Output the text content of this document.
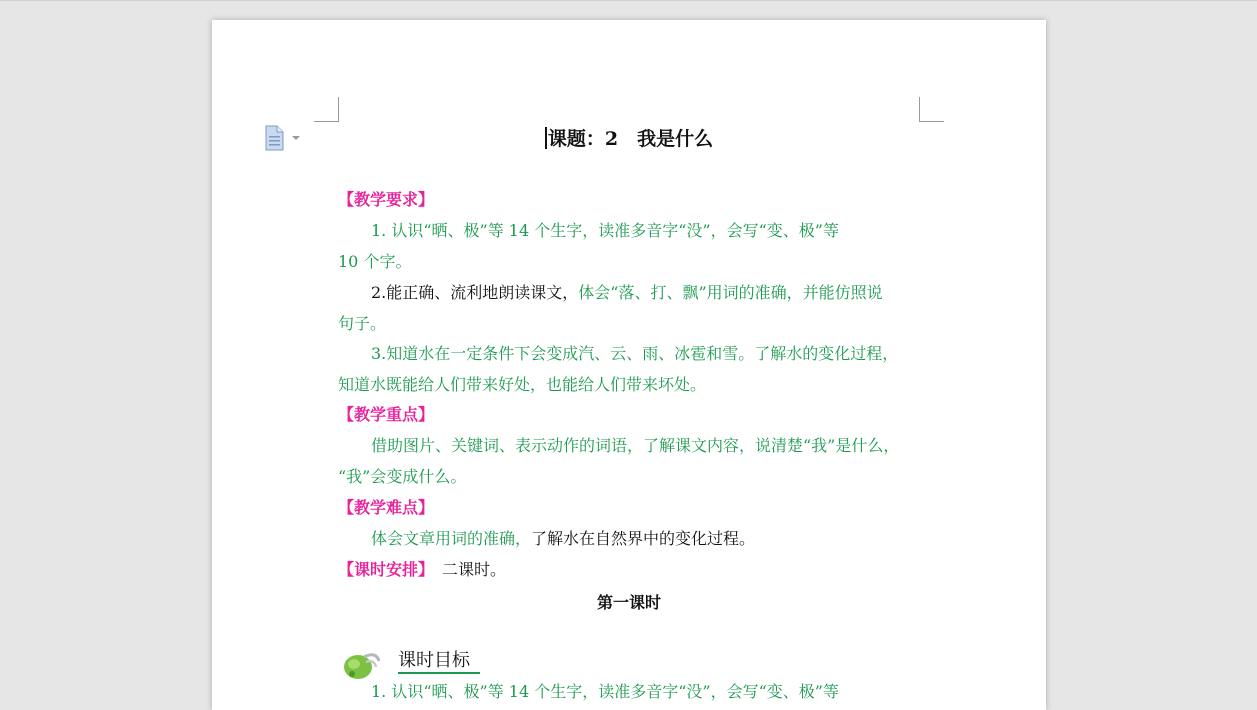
课题：2　我是什么
【教学要求】
1. 认识“晒、极”等 14 个生字，读准多音字“没”，会写“变、极”等
10 个字。
2.能正确、流利地朗读课文，体会“落、打、飘”用词的准确，并能仿照说
句子。
3.知道水在一定条件下会变成汽、云、雨、冰雹和雪。了解水的变化过程，
知道水既能给人们带来好处，也能给人们带来坏处。
【教学重点】
借助图片、关键词、表示动作的词语，了解课文内容，说清楚“我”是什么，
“我”会变成什么。
【教学难点】
体会文章用词的准确，了解水在自然界中的变化过程。
【课时安排】 二课时。
第一课时
课时目标
1. 认识“晒、极”等 14 个生字，读准多音字“没”，会写“变、极”等
